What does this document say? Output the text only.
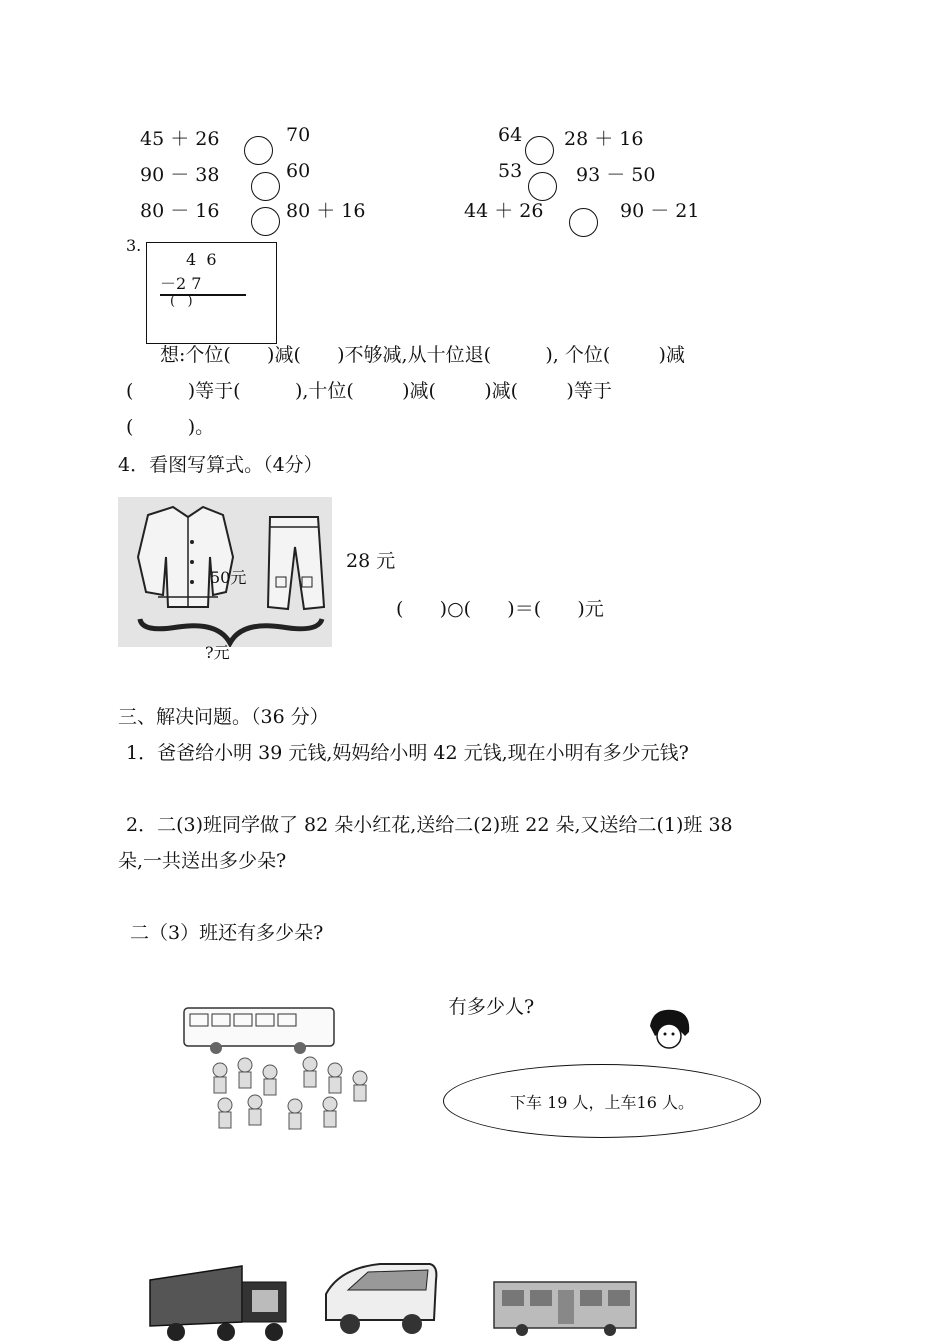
45 ＋ 26	70
90 － 38	60
80 － 16	80 ＋ 16
64 28 ＋ 16
53	93 － 50
44 ＋ 26	90 － 21
3.
4  6
－2 7
(   )
想:个位(      )减(      )不够减,从十位退(         ), 个位(        )减
(         )等于(         ),十位(        )减(        )减(        )等于
(         )。
4．看图写算式。（4分）
50元
?元
28 元
(      )○(      )＝(      )元
三、解决问题。（36 分）
1．爸爸给小明 39 元钱,妈妈给小明 42 元钱,现在小明有多少元钱?
2．二(3)班同学做了 82 朵小红花,送给二(2)班 22 朵,又送给二(1)班 38
朵,一共送出多少朵?
二（3）班还有多少朵?
冇多少人?
下车 19 人，上车16 人。
